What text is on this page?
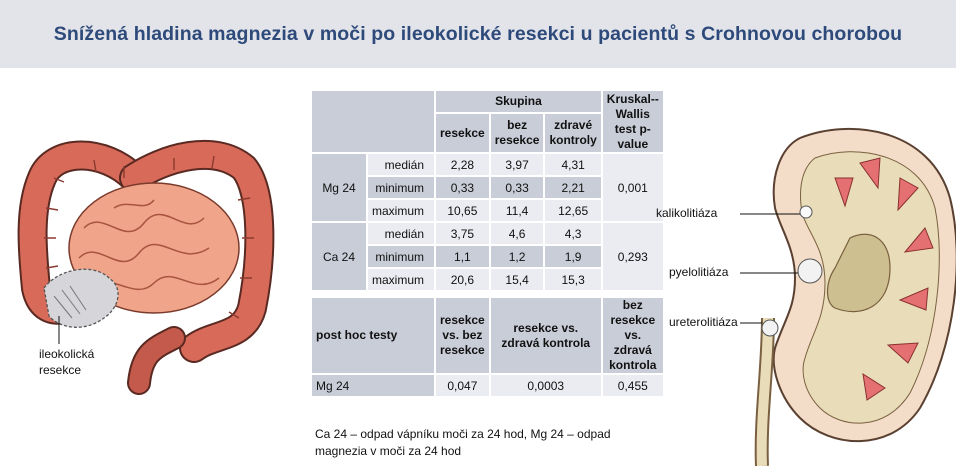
Snížená hladina magnezia v moči po ileokolické resekci u pacientů s Crohnovou chorobou
ileokolická resekce
		Skupina			Kruskal--Wallis test p-value
		resekce	bez resekce	zdravé kontroly	
Mg 24	medián	2,28	3,97	4,31	0,001
	minimum	0,33	0,33	2,21	
	maximum	10,65	11,4	12,65	
Ca 24	medián	3,75	4,6	4,3	0,293
	minimum	1,1	1,2	1,9	
	maximum	20,6	15,4	15,3	

post hoc testy		resekce vs. bez resekce	resekce vs. zdravá kontrola		bez resekce vs. zdravá kontrola
Mg 24		0,047	0,0003		0,455
Ca 24 – odpad vápníku moči za 24 hod, Mg 24 – odpad magnezia v moči za 24 hod
kalikolitiáza
pyelolitiáza
ureterolitiáza
